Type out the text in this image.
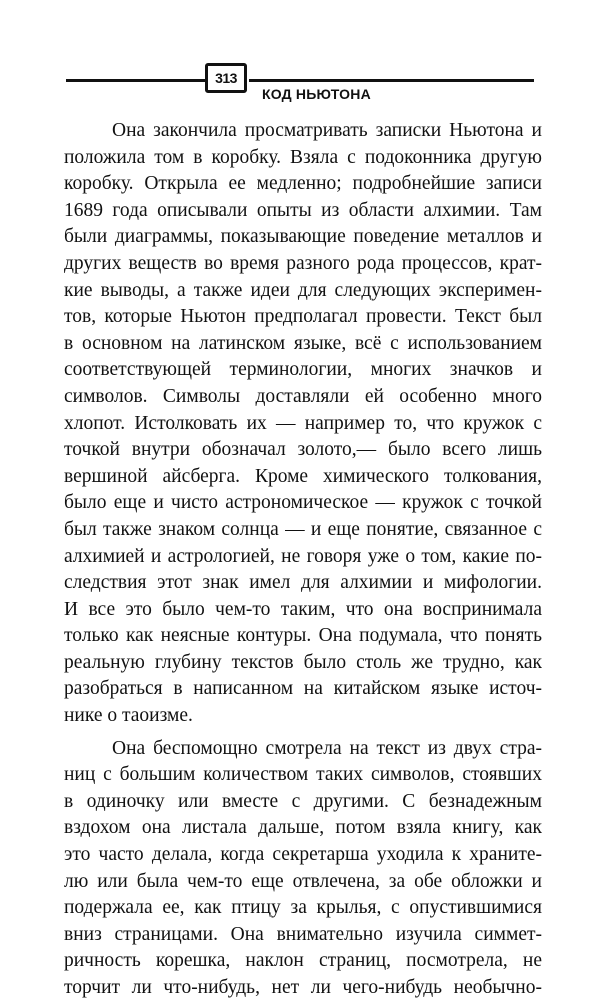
313
КОД НЬЮТОНА
Она закончила просматривать записки Ньютона и
положила том в коробку. Взяла с подоконника другую
коробку. Открыла ее медленно; подробнейшие записи
1689 года описывали опыты из области алхимии. Там
были диаграммы, показывающие поведение металлов и
других веществ во время разного рода процессов, крат-
кие выводы, а также идеи для следующих эксперимен-
тов, которые Ньютон предполагал провести. Текст был
в основном на латинском языке, всё с использованием
соответствующей терминологии, многих значков и
символов. Символы доставляли ей особенно много
хлопот. Истолковать их — например то, что кружок с
точкой внутри обозначал золото,— было всего лишь
вершиной айсберга. Кроме химического толкования,
было еще и чисто астрономическое — кружок с точкой
был также знаком солнца — и еще понятие, связанное с
алхимией и астрологией, не говоря уже о том, какие по-
следствия этот знак имел для алхимии и мифологии.
И все это было чем-то таким, что она воспринимала
только как неясные контуры. Она подумала, что понять
реальную глубину текстов было столь же трудно, как
разобраться в написанном на китайском языке источ-
нике о таоизме.
Она беспомощно смотрела на текст из двух стра-
ниц с большим количеством таких символов, стоявших
в одиночку или вместе с другими. С безнадежным
вздохом она листала дальше, потом взяла книгу, как
это часто делала, когда секретарша уходила к храните-
лю или была чем-то еще отвлечена, за обе обложки и
подержала ее, как птицу за крылья, с опустившимися
вниз страницами. Она внимательно изучила симмет-
ричность корешка, наклон страниц, посмотрела, не
торчит ли что-нибудь, нет ли чего-нибудь необычно-
